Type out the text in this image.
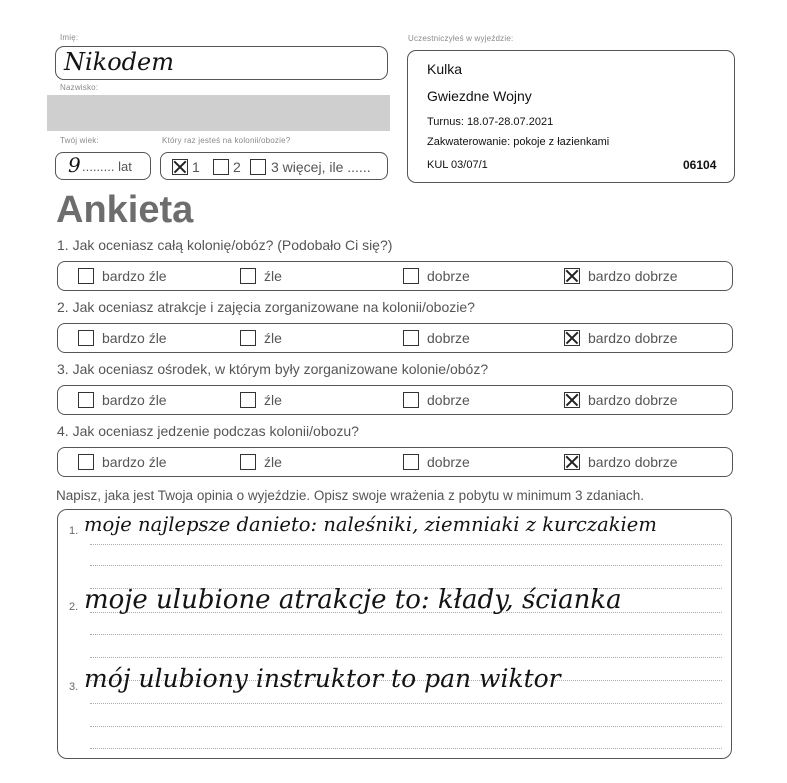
Imię:
Nikodem
Nazwisko:
Twój wiek:
9 ......... lat
Który raz jesteś na kolonii/obozie?
1 2 3 więcej, ile ......
Uczestniczyłeś w wyjeździe:
Kulka
Gwiezdne Wojny
Turnus: 18.07-28.07.2021
Zakwaterowanie: pokoje z łazienkami
KUL 03/07/1	06104
Ankieta
1. Jak oceniasz całą kolonię/obóz? (Podobało Ci się?)
bardzo źle	źle	dobrze	bardzo dobrze
2. Jak oceniasz atrakcje i zajęcia zorganizowane na kolonii/obozie?
bardzo źle	źle	dobrze	bardzo dobrze
3. Jak oceniasz ośrodek, w którym były zorganizowane kolonie/obóz?
bardzo źle	źle	dobrze	bardzo dobrze
4. Jak oceniasz jedzenie podczas kolonii/obozu?
bardzo źle	źle	dobrze	bardzo dobrze
Napisz, jaka jest Twoja opinia o wyjeździe. Opisz swoje wrażenia z pobytu w minimum 3 zdaniach.
1. moje najlepsze danieto: naleśniki, ziemniaki z kurczakiem
2. moje ulubione atrakcje to: kłady, ścianka
3. mój ulubiony instruktor to pan wiktor
